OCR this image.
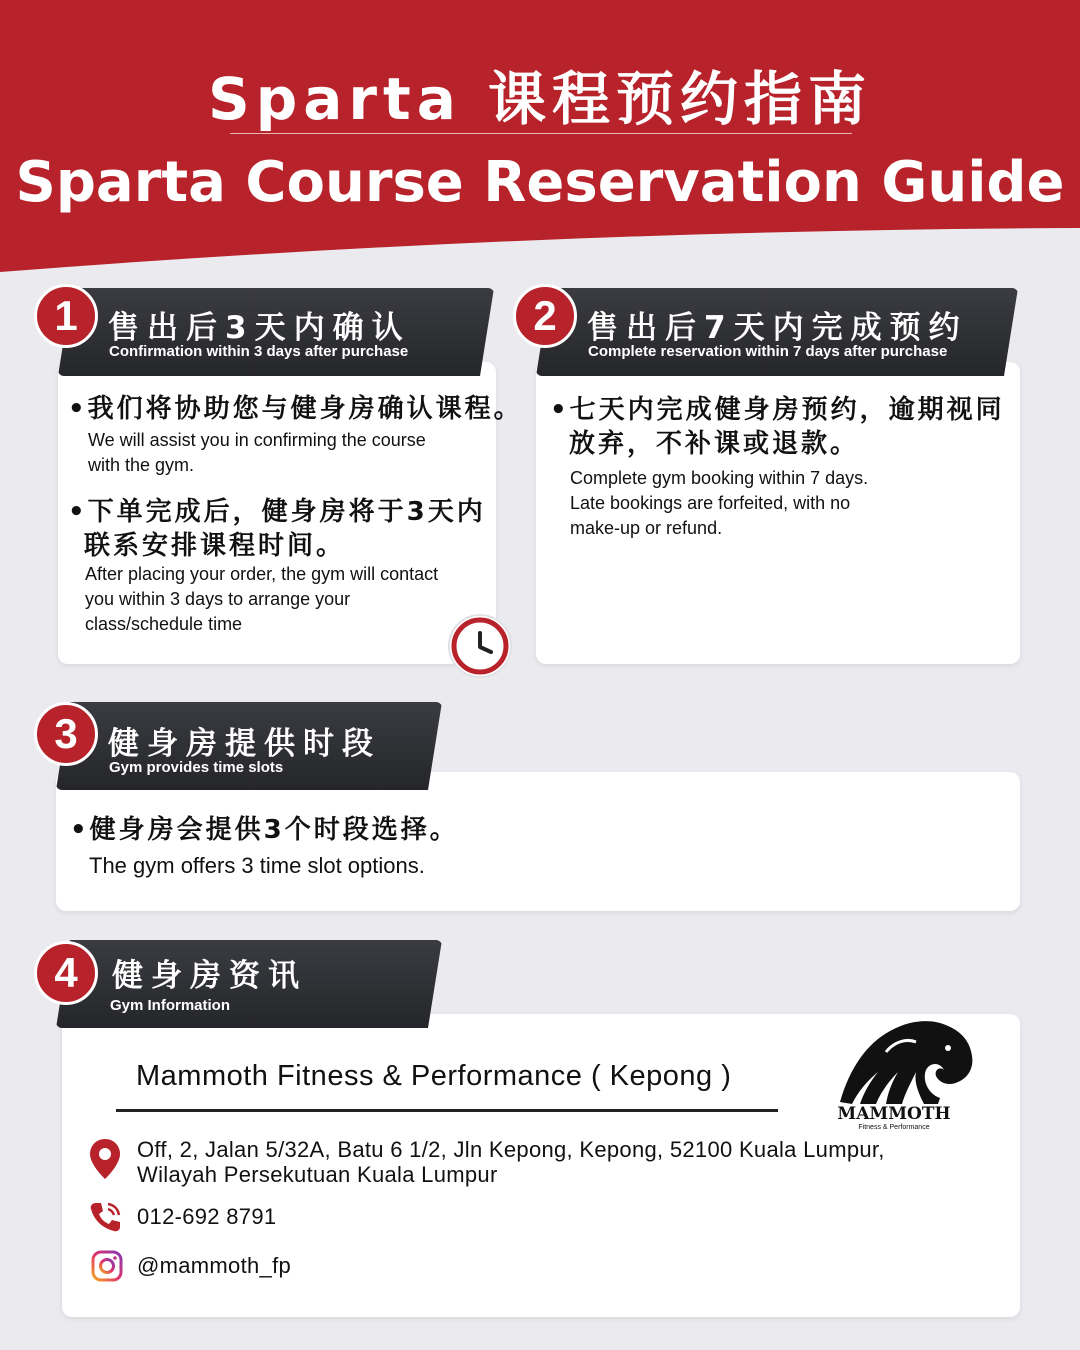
Sparta 课程预约指南
Sparta Course Reservation Guide
1 售出后3天内确认
Confirmation within 3 days after purchase
•我们将协助您与健身房确认课程。
We will assist you in confirming the course
with the gym.
•下单完成后，健身房将于3天内
联系安排课程时间。
After placing your order, the gym will contact
you within 3 days to arrange your
class/schedule time
2 售出后7天内完成预约
Complete reservation within 7 days after purchase
•七天内完成健身房预约，逾期视同
放弃，不补课或退款。
Complete gym booking within 7 days.
Late bookings are forfeited, with no
make-up or refund.
3 健身房提供时段
Gym provides time slots
•健身房会提供3个时段选择。
The gym offers 3 time slot options.
4	健身房资讯
Gym Information
Mammoth Fitness & Performance ( Kepong )
MAMMOTH
Fitness & Performance
Off, 2, Jalan 5/32A, Batu 6 1/2, Jln Kepong, Kepong, 52100 Kuala Lumpur,
Wilayah Persekutuan Kuala Lumpur
012-692 8791
@mammoth_fp
